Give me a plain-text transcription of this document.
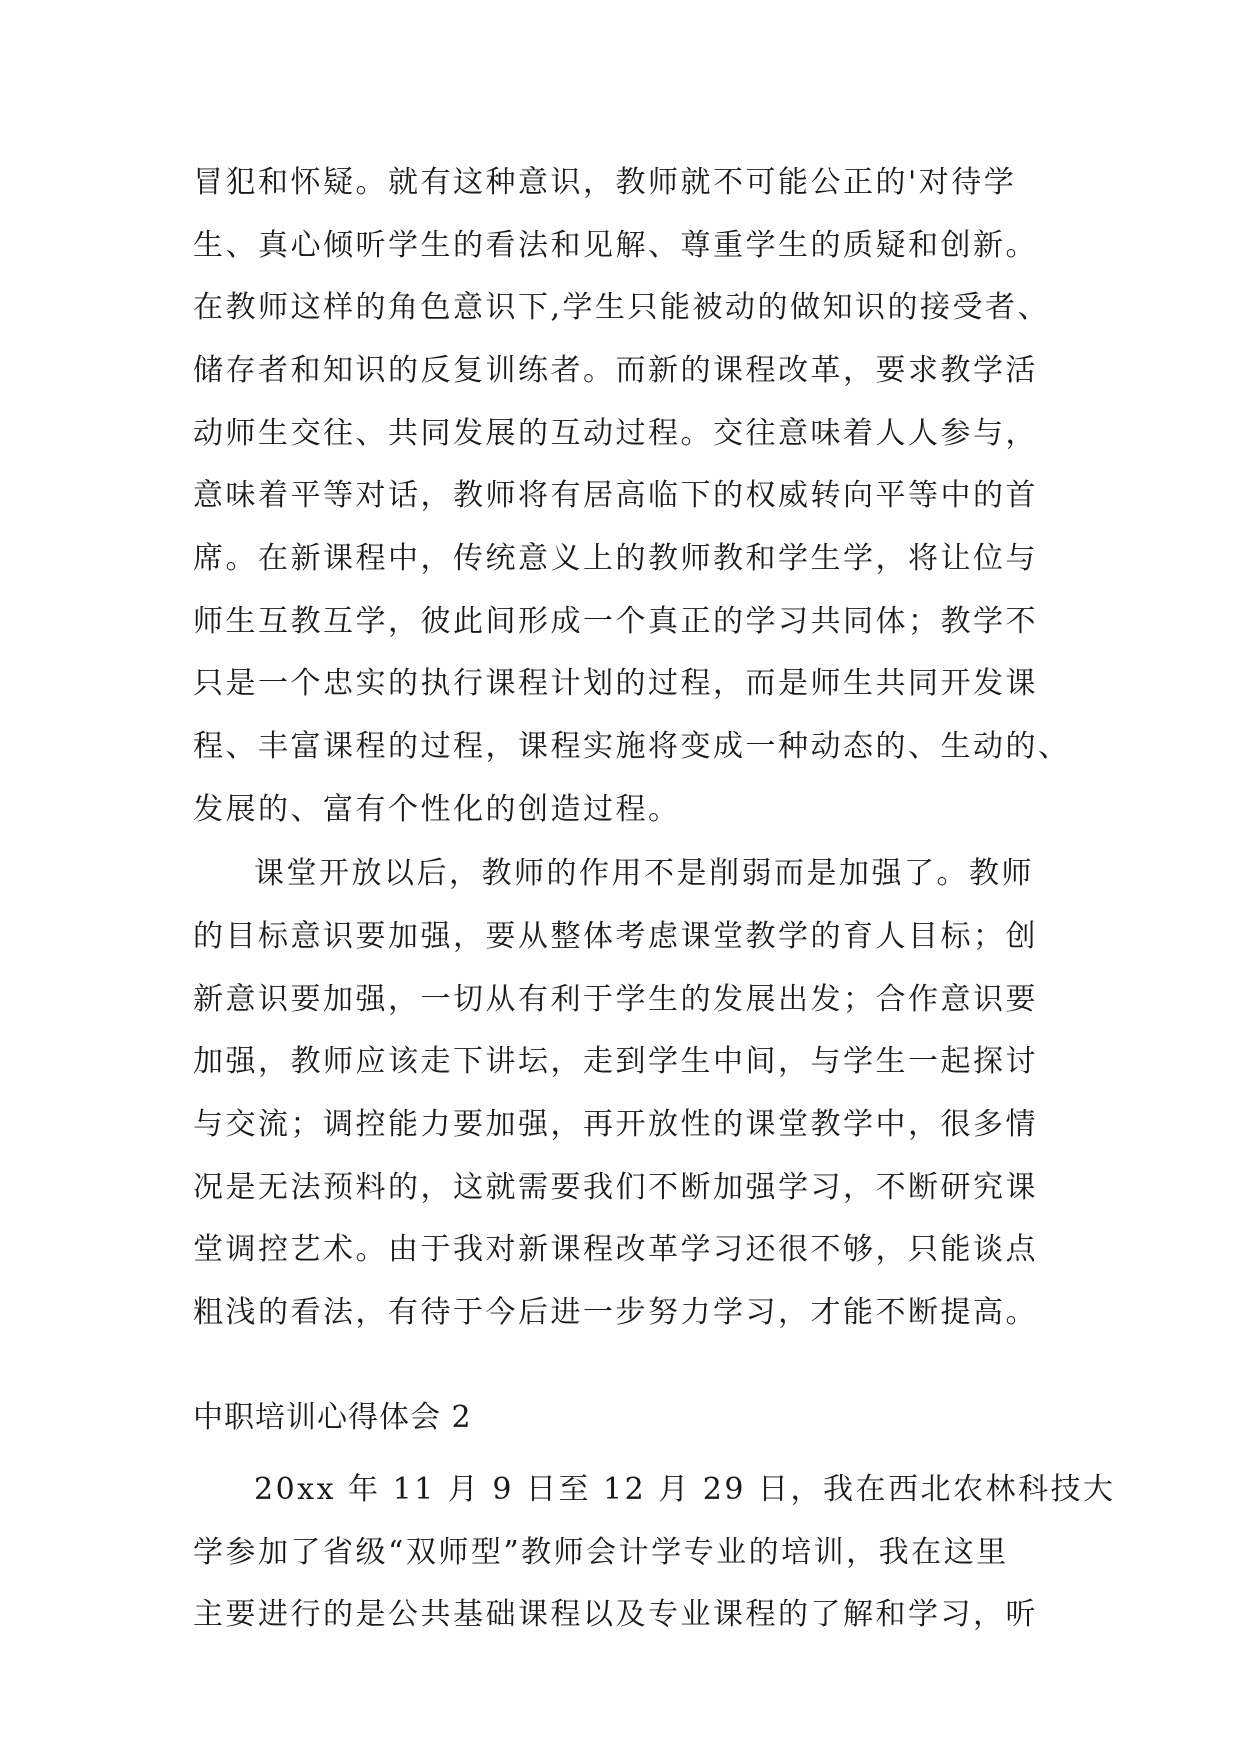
冒犯和怀疑。就有这种意识，教师就不可能公正的'对待学
生、真心倾听学生的看法和见解、尊重学生的质疑和创新。
在教师这样的角色意识下,学生只能被动的做知识的接受者、
储存者和知识的反复训练者。而新的课程改革，要求教学活
动师生交往、共同发展的互动过程。交往意味着人人参与，
意味着平等对话，教师将有居高临下的权威转向平等中的首
席。在新课程中，传统意义上的教师教和学生学，将让位与
师生互教互学，彼此间形成一个真正的学习共同体；教学不
只是一个忠实的执行课程计划的过程，而是师生共同开发课
程、丰富课程的过程，课程实施将变成一种动态的、生动的、
发展的、富有个性化的创造过程。
课堂开放以后，教师的作用不是削弱而是加强了。教师
的目标意识要加强，要从整体考虑课堂教学的育人目标；创
新意识要加强，一切从有利于学生的发展出发；合作意识要
加强，教师应该走下讲坛，走到学生中间，与学生一起探讨
与交流；调控能力要加强，再开放性的课堂教学中，很多情
况是无法预料的，这就需要我们不断加强学习，不断研究课
堂调控艺术。由于我对新课程改革学习还很不够，只能谈点
粗浅的看法，有待于今后进一步努力学习，才能不断提高。
中职培训心得体会 2
20xx 年 11 月 9 日至 12 月 29 日，我在西北农林科技大
学参加了省级“双师型”教师会计学专业的培训，我在这里
主要进行的是公共基础课程以及专业课程的了解和学习，听
